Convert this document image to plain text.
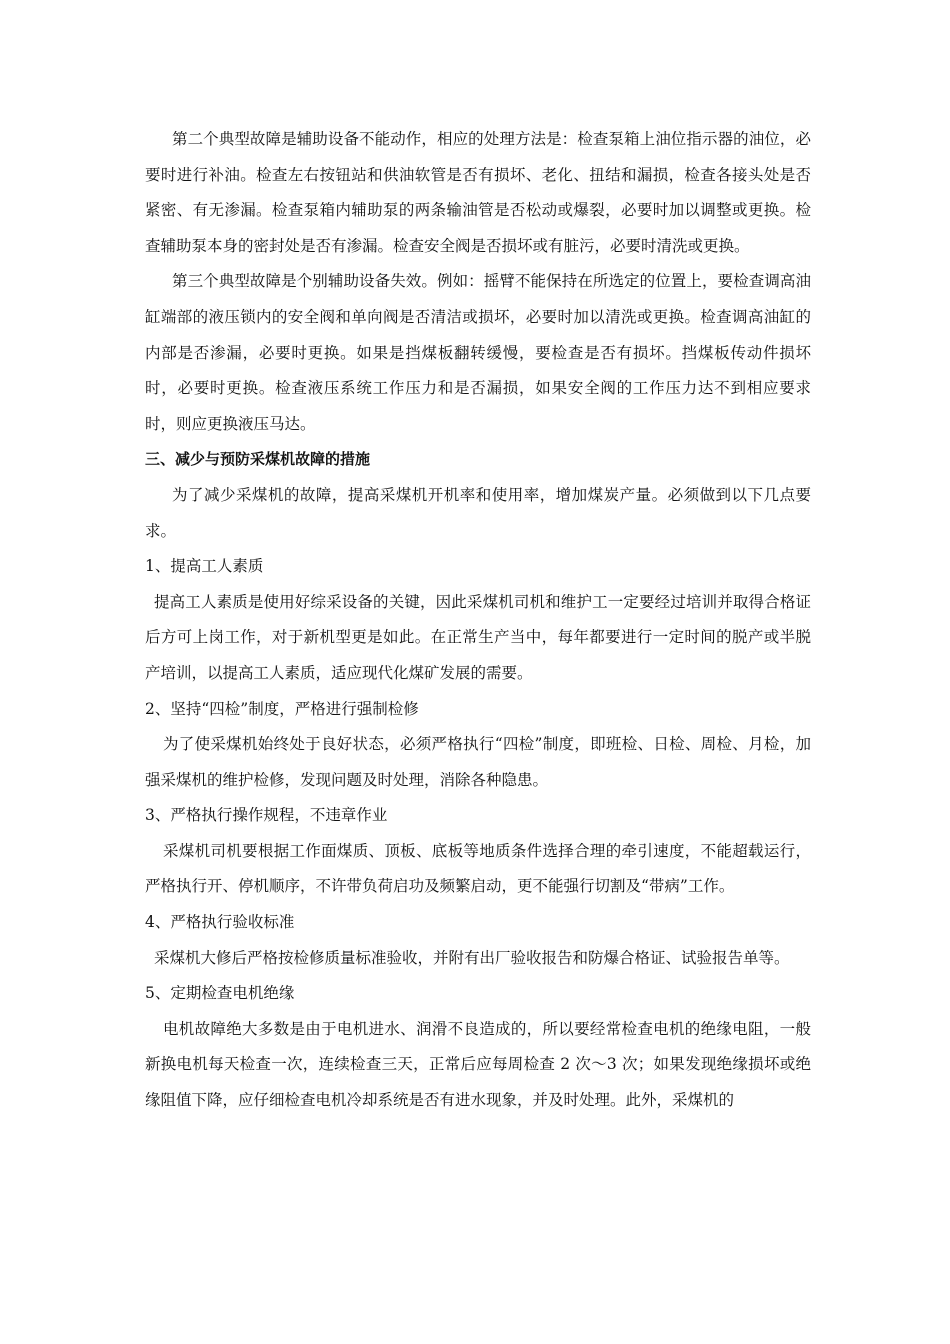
第二个典型故障是辅助设备不能动作，相应的处理方法是：检查泵箱上油位指示器的油位，必要时进行补油。检查左右按钮站和供油软管是否有损坏、老化、扭结和漏损，检查各接头处是否紧密、有无渗漏。检查泵箱内辅助泵的两条输油管是否松动或爆裂，必要时加以调整或更换。检查辅助泵本身的密封处是否有渗漏。检查安全阀是否损坏或有脏污，必要时清洗或更换。

第三个典型故障是个别辅助设备失效。例如：摇臂不能保持在所选定的位置上，要检查调高油缸端部的液压锁内的安全阀和单向阀是否清洁或损坏，必要时加以清洗或更换。检查调高油缸的内部是否渗漏，必要时更换。如果是挡煤板翻转缓慢，要检查是否有损坏。挡煤板传动件损坏时，必要时更换。检查液压系统工作压力和是否漏损，如果安全阀的工作压力达不到相应要求时，则应更换液压马达。

三、减少与预防采煤机故障的措施

为了减少采煤机的故障，提高采煤机开机率和使用率，增加煤炭产量。必须做到以下几点要求。

1、提高工人素质

提高工人素质是使用好综采设备的关键，因此采煤机司机和维护工一定要经过培训并取得合格证后方可上岗工作，对于新机型更是如此。在正常生产当中，每年都要进行一定时间的脱产或半脱产培训，以提高工人素质，适应现代化煤矿发展的需要。

2、坚持“四检”制度，严格进行强制检修

为了使采煤机始终处于良好状态，必须严格执行“四检”制度，即班检、日检、周检、月检，加强采煤机的维护检修，发现问题及时处理，消除各种隐患。

3、严格执行操作规程，不违章作业

采煤机司机要根据工作面煤质、顶板、底板等地质条件选择合理的牵引速度，不能超载运行，严格执行开、停机顺序，不许带负荷启功及频繁启动，更不能强行切割及“带病”工作。

4、严格执行验收标准

采煤机大修后严格按检修质量标准验收，并附有出厂验收报告和防爆合格证、试验报告单等。

5、定期检查电机绝缘

电机故障绝大多数是由于电机进水、润滑不良造成的，所以要经常检查电机的绝缘电阻，一般新换电机每天检查一次，连续检查三天，正常后应每周检查 2 次～3 次；如果发现绝缘损坏或绝缘阻值下降，应仔细检查电机冷却系统是否有进水现象，并及时处理。此外，采煤机的
